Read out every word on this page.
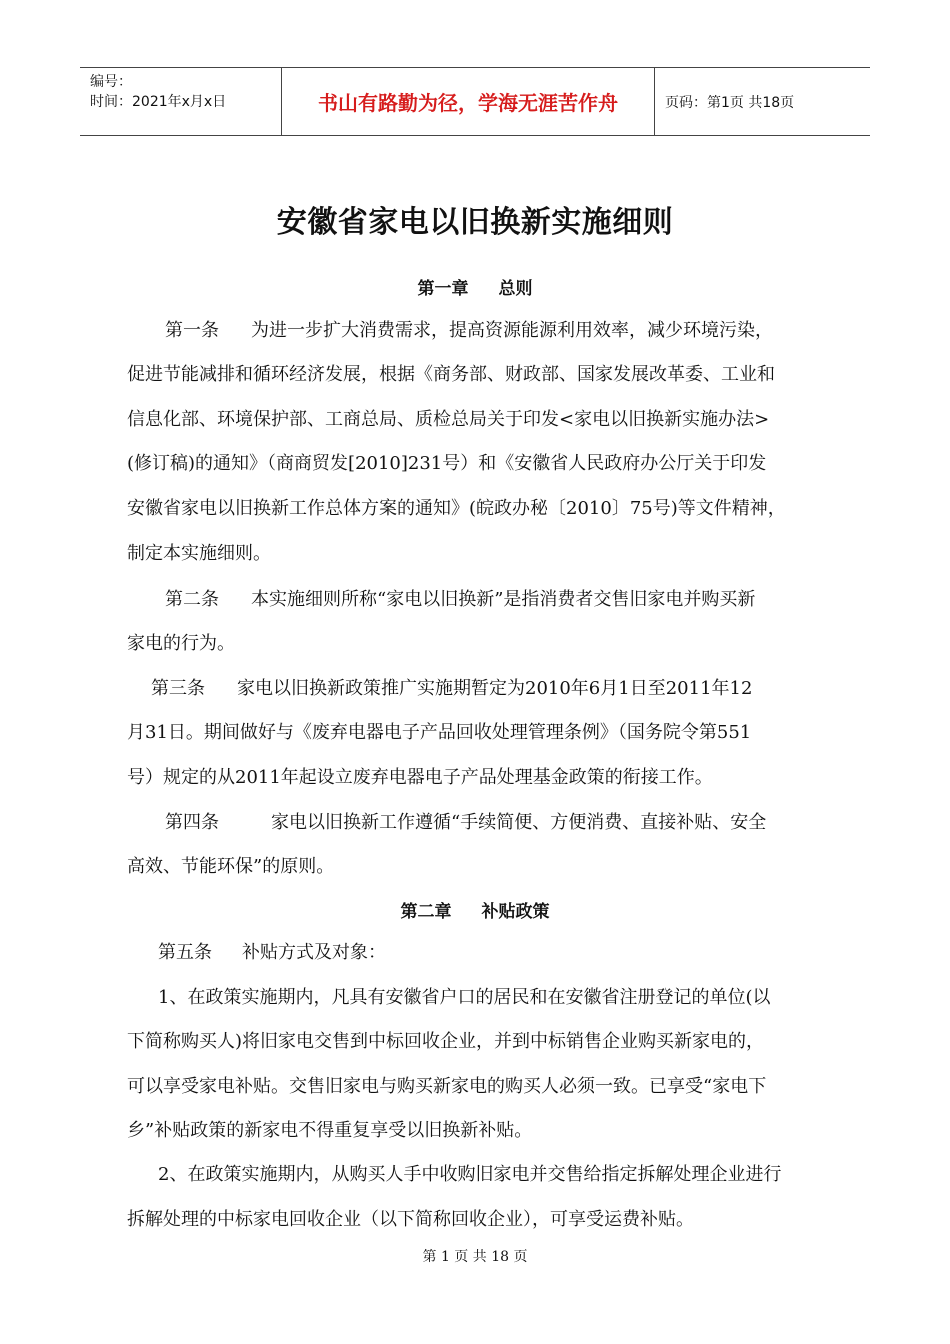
编号：
时间：2021年x月x日	书山有路勤为径，学海无涯苦作舟	页码：第1页 共18页
安徽省家电以旧换新实施细则
第一章 总则
第一条 为进一步扩大消费需求，提高资源能源利用效率，减少环境污染，
促进节能减排和循环经济发展，根据《商务部、财政部、国家发展改革委、工业和
信息化部、环境保护部、工商总局、质检总局关于印发<家电以旧换新实施办法>
(修订稿)的通知》（商商贸发[2010]231号）和《安徽省人民政府办公厅关于印发
安徽省家电以旧换新工作总体方案的通知》(皖政办秘〔2010〕75号)等文件精神，
制定本实施细则。
第二条 本实施细则所称“家电以旧换新”是指消费者交售旧家电并购买新
家电的行为。
第三条 家电以旧换新政策推广实施期暂定为2010年6月1日至2011年12
月31日。期间做好与《废弃电器电子产品回收处理管理条例》（国务院令第551
号）规定的从2011年起设立废弃电器电子产品处理基金政策的衔接工作。
第四条	家电以旧换新工作遵循“手续简便、方便消费、直接补贴、安全
高效、节能环保”的原则。
第二章 补贴政策
第五条 补贴方式及对象：
1、在政策实施期内，凡具有安徽省户口的居民和在安徽省注册登记的单位(以
下简称购买人)将旧家电交售到中标回收企业，并到中标销售企业购买新家电的，
可以享受家电补贴。交售旧家电与购买新家电的购买人必须一致。已享受“家电下
乡”补贴政策的新家电不得重复享受以旧换新补贴。
2、在政策实施期内，从购买人手中收购旧家电并交售给指定拆解处理企业进行
拆解处理的中标家电回收企业（以下简称回收企业），可享受运费补贴。
第 1 页 共 18 页
